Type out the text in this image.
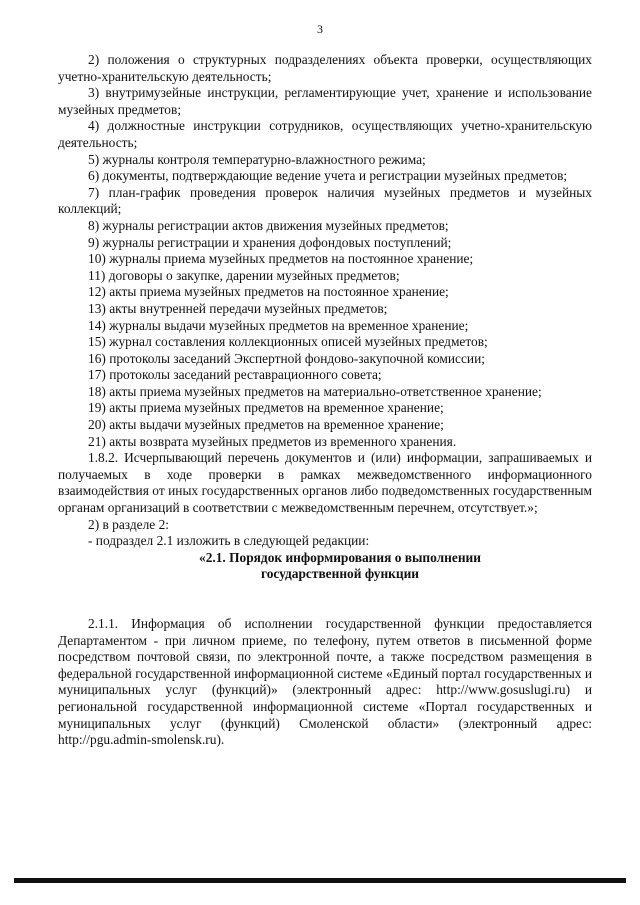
3

2) положения о структурных подразделениях объекта проверки, осуществляющих учетно-хранительскую деятельность;

3) внутримузейные инструкции, регламентирующие учет, хранение и использование музейных предметов;

4) должностные инструкции сотрудников, осуществляющих учетно-хранительскую деятельность;

5) журналы контроля температурно-влажностного режима;

6) документы, подтверждающие ведение учета и регистрации музейных предметов;

7) план-график проведения проверок наличия музейных предметов и музейных коллекций;

8) журналы регистрации актов движения музейных предметов;

9) журналы регистрации и хранения дофондовых поступлений;

10) журналы приема музейных предметов на постоянное хранение;

11) договоры о закупке, дарении музейных предметов;

12) акты приема музейных предметов на постоянное хранение;

13) акты внутренней передачи музейных предметов;

14) журналы выдачи музейных предметов на временное хранение;

15) журнал составления коллекционных описей музейных предметов;

16) протоколы заседаний Экспертной фондово-закупочной комиссии;

17) протоколы заседаний реставрационного совета;

18) акты приема музейных предметов на материально-ответственное хранение;

19) акты приема музейных предметов на временное хранение;

20) акты выдачи музейных предметов на временное хранение;

21) акты возврата музейных предметов из временного хранения.

1.8.2. Исчерпывающий перечень документов и (или) информации, запрашиваемых и получаемых в ходе проверки в рамках межведомственного информационного взаимодействия от иных государственных органов либо подведомственных государственным органам организаций в соответствии с межведомственным перечнем, отсутствует.»;

2) в разделе 2:

- подраздел 2.1 изложить в следующей редакции:

«2.1. Порядок информирования о выполнении
государственной функции

2.1.1. Информация об исполнении государственной функции предоставляется Департаментом - при личном приеме, по телефону, путем ответов в письменной форме посредством почтовой связи, по электронной почте, а также посредством размещения в федеральной государственной информационной системе «Единый портал государственных и муниципальных услуг (функций)» (электронный адрес: http://www.gosuslugi.ru) и региональной государственной информационной системе «Портал государственных и муниципальных услуг (функций) Смоленской области» (электронный адрес: http://pgu.admin-smolensk.ru).
